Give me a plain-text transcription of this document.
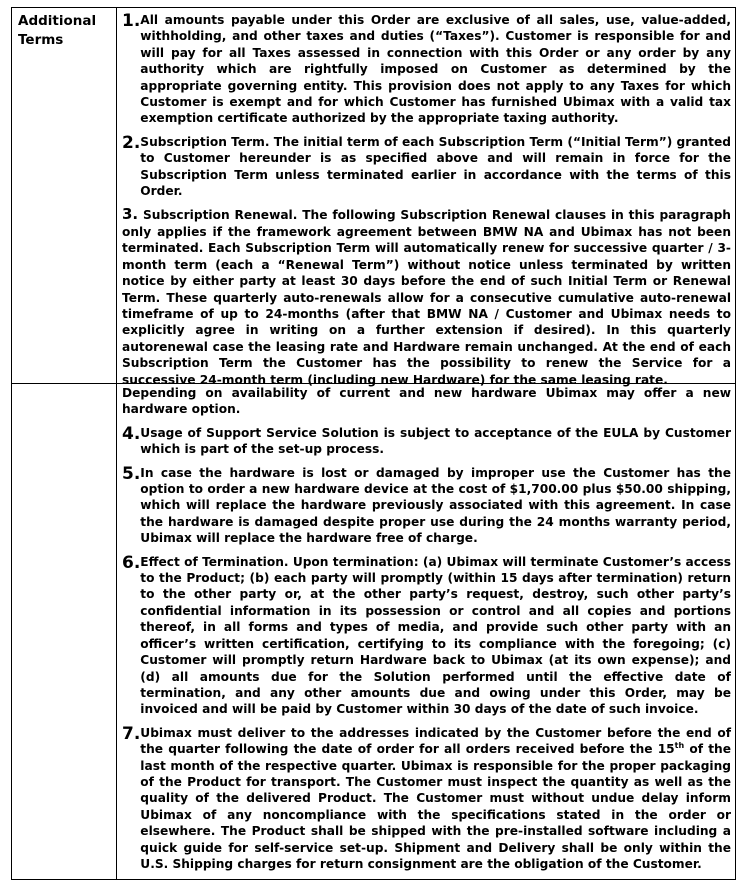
Additional Terms
1. All amounts payable under this Order are exclusive of all sales, use, value-added, withholding, and other taxes and duties (“Taxes”). Customer is responsible for and will pay for all Taxes assessed in connection with this Order or any order by any authority which are rightfully imposed on Customer as determined by the appropriate governing entity. This provision does not apply to any Taxes for which Customer is exempt and for which Customer has furnished Ubimax with a valid tax exemption certificate authorized by the appropriate taxing authority.
2. Subscription Term. The initial term of each Subscription Term (“Initial Term”) granted to Customer hereunder is as specified above and will remain in force for the Subscription Term unless terminated earlier in accordance with the terms of this Order.
3. Subscription Renewal. The following Subscription Renewal clauses in this paragraph only applies if the framework agreement between BMW NA and Ubimax has not been terminated. Each Subscription Term will automatically renew for successive quarter / 3-month term (each a “Renewal Term”) without notice unless terminated by written notice by either party at least 30 days before the end of such Initial Term or Renewal Term. These quarterly auto-renewals allow for a consecutive cumulative auto-renewal timeframe of up to 24-months (after that BMW NA / Customer and Ubimax needs to explicitly agree in writing on a further extension if desired). In this quarterly autorenewal case the leasing rate and Hardware remain unchanged. At the end of each Subscription Term the Customer has the possibility to renew the Service for a successive 24-month term (including new Hardware) for the same leasing rate.
Depending on availability of current and new hardware Ubimax may offer a new hardware option.
4. Usage of Support Service Solution is subject to acceptance of the EULA by Customer which is part of the set-up process.
5. In case the hardware is lost or damaged by improper use the Customer has the option to order a new hardware device at the cost of $1,700.00 plus $50.00 shipping, which will replace the hardware previously associated with this agreement. In case the hardware is damaged despite proper use during the 24 months warranty period, Ubimax will replace the hardware free of charge.
6. Effect of Termination. Upon termination: (a) Ubimax will terminate Customer’s access to the Product; (b) each party will promptly (within 15 days after termination) return to the other party or, at the other party’s request, destroy, such other party’s confidential information in its possession or control and all copies and portions thereof, in all forms and types of media, and provide such other party with an officer’s written certification, certifying to its compliance with the foregoing; (c) Customer will promptly return Hardware back to Ubimax (at its own expense); and (d) all amounts due for the Solution performed until the effective date of termination, and any other amounts due and owing under this Order, may be invoiced and will be paid by Customer within 30 days of the date of such invoice.
7. Ubimax must deliver to the addresses indicated by the Customer before the end of the quarter following the date of order for all orders received before the 15th of the last month of the respective quarter. Ubimax is responsible for the proper packaging of the Product for transport. The Customer must inspect the quantity as well as the quality of the delivered Product. The Customer must without undue delay inform Ubimax of any noncompliance with the specifications stated in the order or elsewhere. The Product shall be shipped with the pre-installed software including a quick guide for self-service set-up. Shipment and Delivery shall be only within the U.S. Shipping charges for return consignment are the obligation of the Customer.
